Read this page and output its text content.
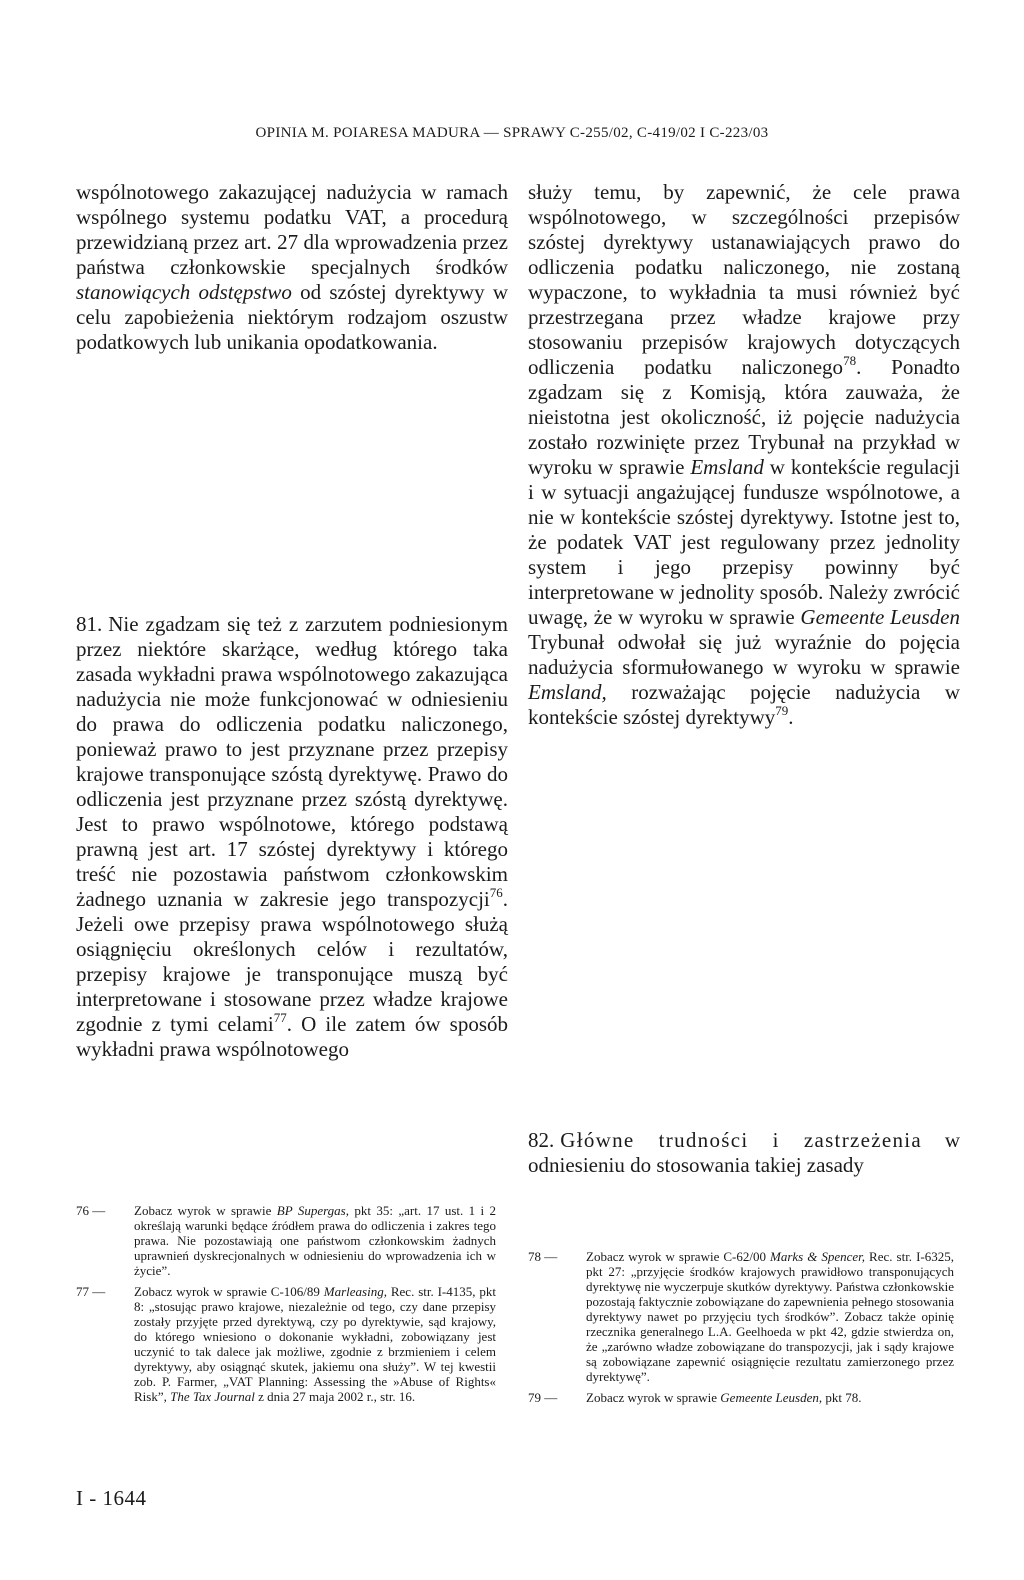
OPINIA M. POIARESA MADURA — SPRAWY C-255/02, C-419/02 I C-223/03

wspólnotowego zakazującej nadużycia w ramach wspólnego systemu podatku VAT, a procedurą przewidzianą przez art. 27 dla wprowadzenia przez państwa członkowskie specjalnych środków stanowiących odstępstwo od szóstej dyrektywy w celu zapobieżenia niektórym rodzajom oszustw podatkowych lub unikania opodatkowania.

81. Nie zgadzam się też z zarzutem podniesionym przez niektóre skarżące, według którego taka zasada wykładni prawa wspólnotowego zakazująca nadużycia nie może funkcjonować w odniesieniu do prawa do odliczenia podatku naliczonego, ponieważ prawo to jest przyznane przez przepisy krajowe transponujące szóstą dyrektywę. Prawo do odliczenia jest przyznane przez szóstą dyrektywę. Jest to prawo wspólnotowe, którego podstawą prawną jest art. 17 szóstej dyrektywy i którego treść nie pozostawia państwom członkowskim żadnego uznania w zakresie jego transpozycji$^{76}$. Jeżeli owe przepisy prawa wspólnotowego służą osiągnięciu określonych celów i rezultatów, przepisy krajowe je transponujące muszą być interpretowane i stosowane przez władze krajowe zgodnie z tymi celami$^{77}$. O ile zatem ów sposób wykładni prawa wspólnotowego

służy temu, by zapewnić, że cele prawa wspólnotowego, w szczególności przepisów szóstej dyrektywy ustanawiających prawo do odliczenia podatku naliczonego, nie zostaną wypaczone, to wykładnia ta musi również być przestrzegana przez władze krajowe przy stosowaniu przepisów krajowych dotyczących odliczenia podatku naliczonego$^{78}$. Ponadto zgadzam się z Komisją, która zauważa, że nieistotna jest okoliczność, iż pojęcie nadużycia zostało rozwinięte przez Trybunał na przykład w wyroku w sprawie Emsland w kontekście regulacji i w sytuacji angażującej fundusze wspólnotowe, a nie w kontekście szóstej dyrektywy. Istotne jest to, że podatek VAT jest regulowany przez jednolity system i jego przepisy powinny być interpretowane w jednolity sposób. Należy zwrócić uwagę, że w wyroku w sprawie Gemeente Leusden Trybunał odwołał się już wyraźnie do pojęcia nadużycia sformułowanego w wyroku w sprawie Emsland, rozważając pojęcie nadużycia w kontekście szóstej dyrektywy$^{79}$.

82. Główne trudności i zastrzeżenia w odniesieniu do stosowania takiej zasady

76 — Zobacz wyrok w sprawie BP Supergas, pkt 35: „art. 17 ust. 1 i 2 określają warunki będące źródłem prawa do odliczenia i zakres tego prawa. Nie pozostawiają one państwom członkowskim żadnych uprawnień dyskrecjonalnych w odniesieniu do wprowadzenia ich w życie”.

77 — Zobacz wyrok w sprawie C-106/89 Marleasing, Rec. str. I-4135, pkt 8: „stosując prawo krajowe, niezależnie od tego, czy dane przepisy zostały przyjęte przed dyrektywą, czy po dyrektywie, sąd krajowy, do którego wniesiono o dokonanie wykładni, zobowiązany jest uczynić to tak dalece jak możliwe, zgodnie z brzmieniem i celem dyrektywy, aby osiągnąć skutek, jakiemu ona służy”. W tej kwestii zob. P. Farmer, „VAT Planning: Assessing the »Abuse of Rights« Risk”, The Tax Journal z dnia 27 maja 2002 r., str. 16.

78 — Zobacz wyrok w sprawie C-62/00 Marks & Spencer, Rec. str. I-6325, pkt 27: „przyjęcie środków krajowych prawidłowo transponujących dyrektywę nie wyczerpuje skutków dyrektywy. Państwa członkowskie pozostają faktycznie zobowiązane do zapewnienia pełnego stosowania dyrektywy nawet po przyjęciu tych środków”. Zobacz także opinię rzecznika generalnego L.A. Geelhoeda w pkt 42, gdzie stwierdza on, że „zarówno władze zobowiązane do transpozycji, jak i sądy krajowe są zobowiązane zapewnić osiągnięcie rezultatu zamierzonego przez dyrektywę”.

79 — Zobacz wyrok w sprawie Gemeente Leusden, pkt 78.

I - 1644
